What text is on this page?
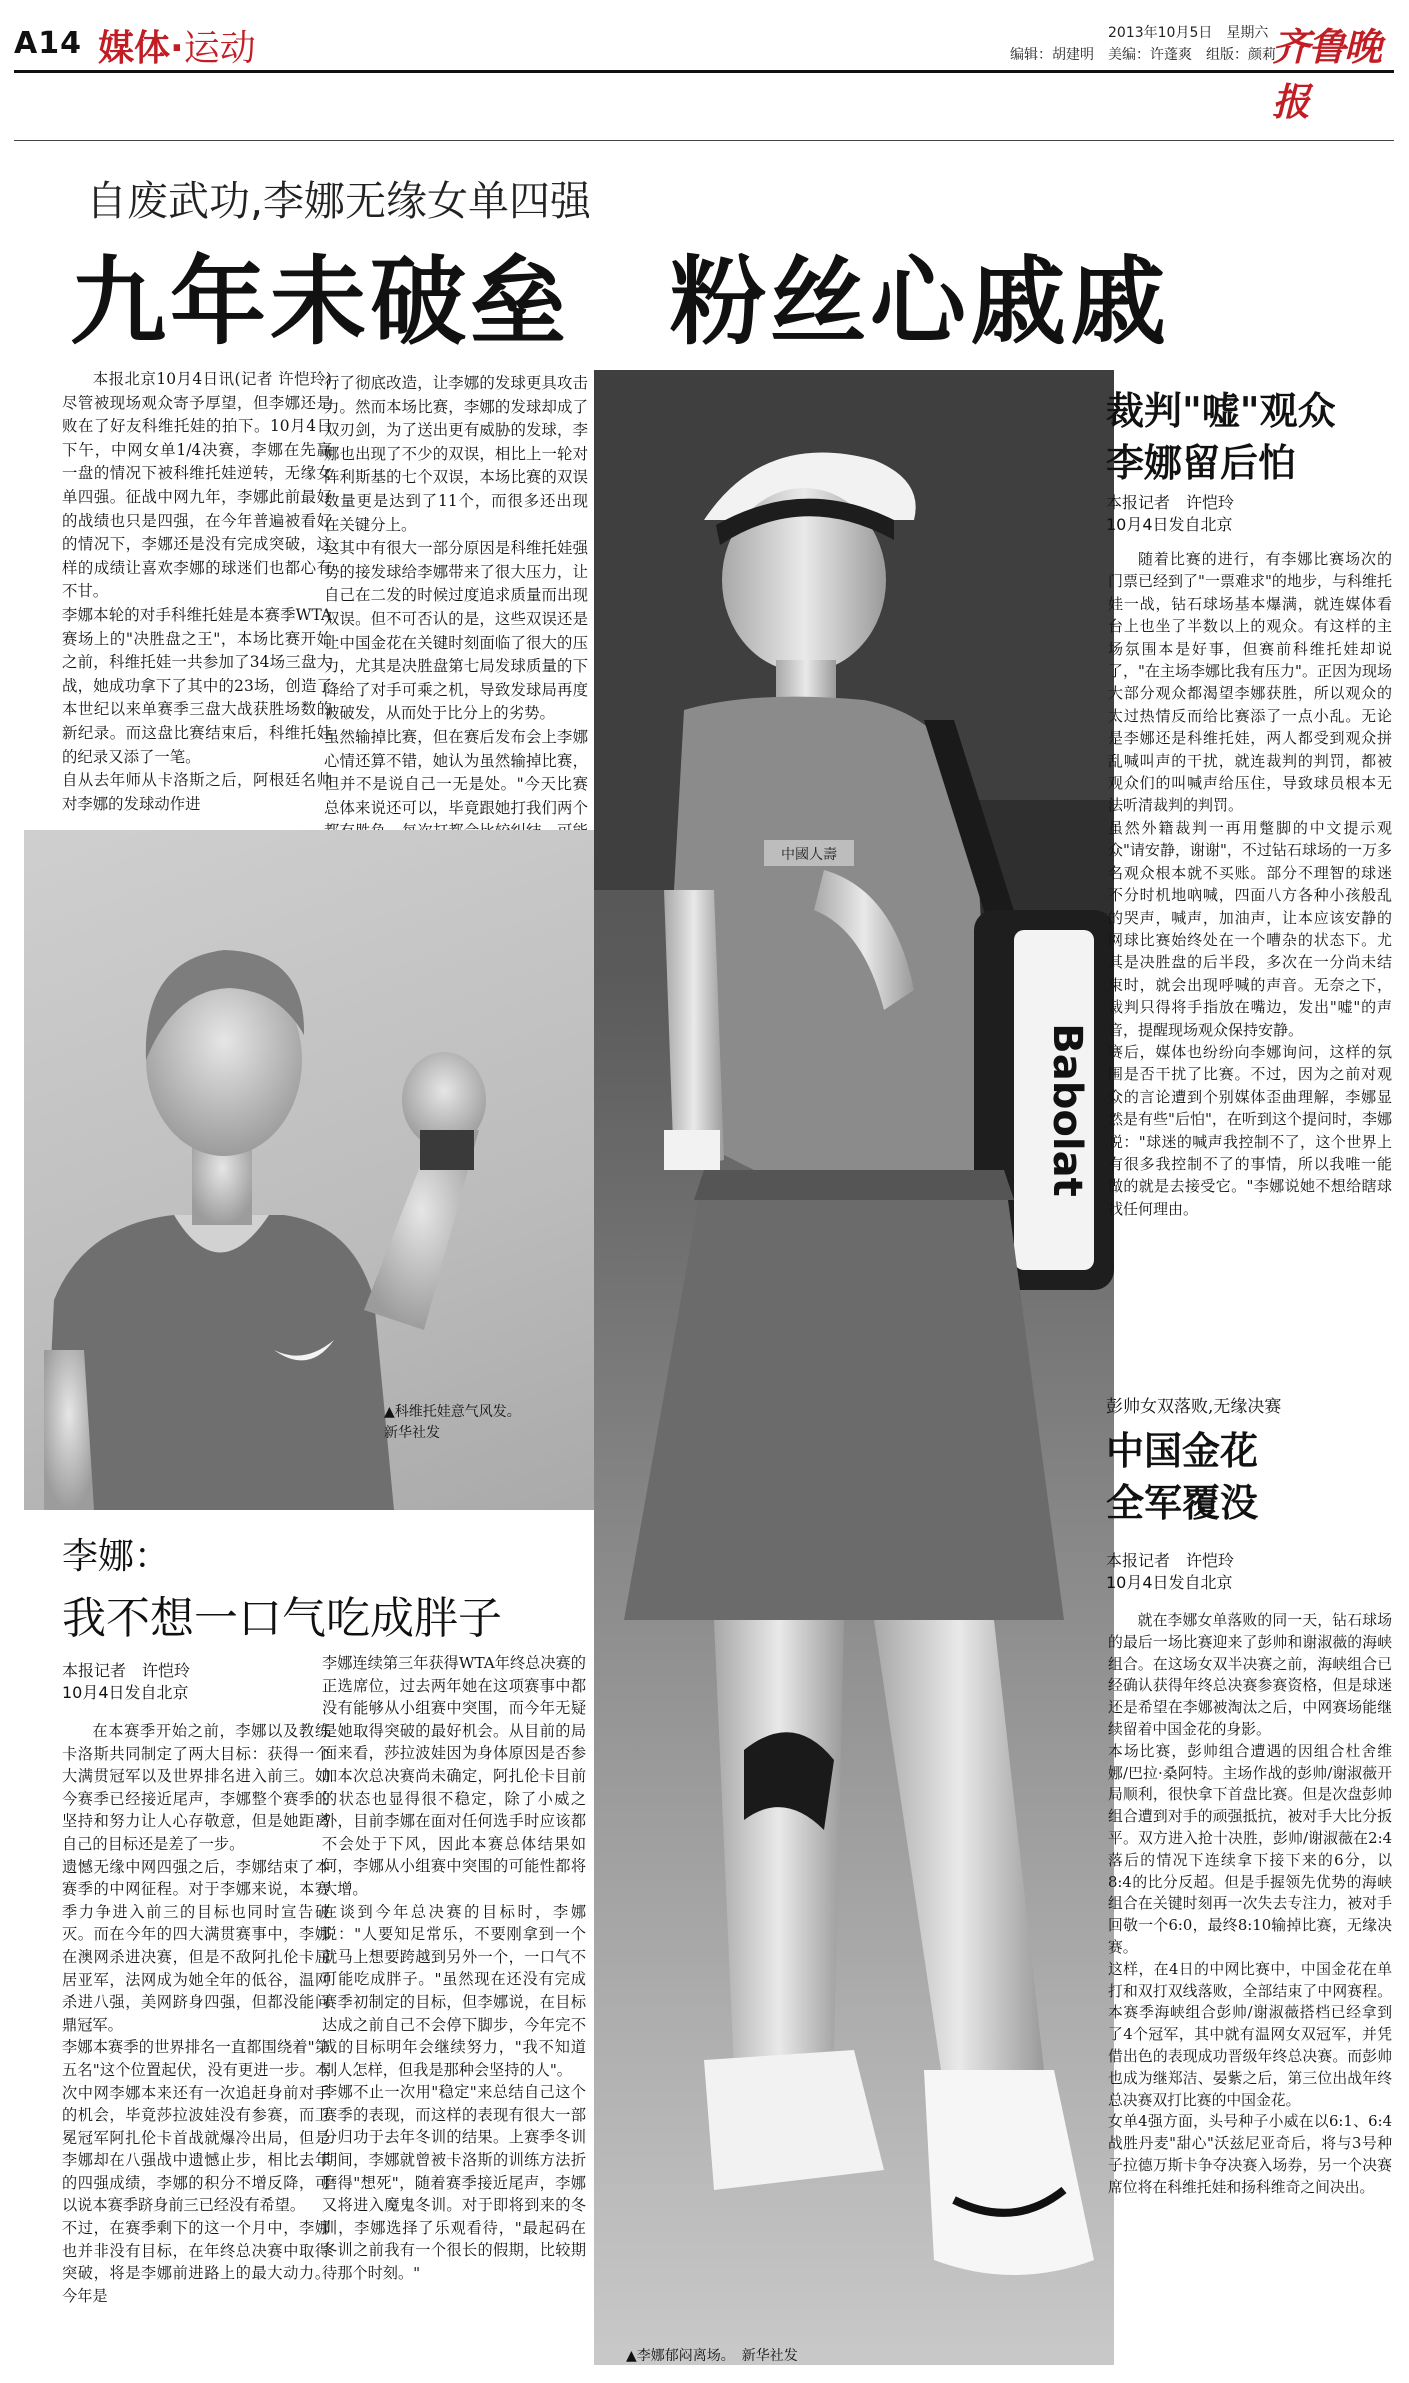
A14 媒体·运动	2013年10月5日　星期六
编辑：胡建明　美编：许蓬爽　组版：颜莉
齐鲁晚报
自废武功,李娜无缘女单四强
九年未破垒　粉丝心戚戚
本报北京10月4日讯(记者 许恺玲) 尽管被现场观众寄予厚望，但李娜还是败在了好友科维托娃的拍下。10月4日下午，中网女单1/4决赛，李娜在先赢一盘的情况下被科维托娃逆转，无缘女单四强。征战中网九年，李娜此前最好的战绩也只是四强，在今年普遍被看好的情况下，李娜还是没有完成突破，这样的成绩让喜欢李娜的球迷们也都心有不甘。
李娜本轮的对手科维托娃是本赛季WTA赛场上的"决胜盘之王"，本场比赛开始之前，科维托娃一共参加了34场三盘大战，她成功拿下了其中的23场，创造了本世纪以来单赛季三盘大战获胜场数的新纪录。而这盘比赛结束后，科维托娃的纪录又添了一笔。
自从去年师从卡洛斯之后，阿根廷名帅对李娜的发球动作进
行了彻底改造，让李娜的发球更具攻击力。然而本场比赛，李娜的发球却成了双刃剑，为了送出更有威胁的发球，李娜也出现了不少的双误，相比上一轮对阵利斯基的七个双误，本场比赛的双误数量更是达到了11个，而很多还出现在关键分上。
这其中有很大一部分原因是科维托娃强势的接发球给李娜带来了很大压力，让自己在二发的时候过度追求质量而出现双误。但不可否认的是，这些双误还是让中国金花在关键时刻面临了很大的压力，尤其是决胜盘第七局发球质量的下降给了对手可乘之机，导致发球局再度被破发，从而处于比分上的劣势。
虽然输掉比赛，但在赛后发布会上李娜心情还算不错，她认为虽然输掉比赛，但并不是说自己一无是处。"今天比赛总体来说还可以，毕竟跟她打我们两个
▲科维托娃意气风发。　新华社发
中國人壽
Babolat
▲李娜郁闷离场。　新华社发
裁判"嘘"观众
李娜留后怕
本报记者　许恺玲
10月4日发自北京
随着比赛的进行，有李娜比赛场次的门票已经到了"一票难求"的地步，与科维托娃一战，钻石球场基本爆满，就连媒体看台上也坐了半数以上的观众。有这样的主场氛围本是好事，但赛前科维托娃却说了，"在主场李娜比我有压力"。正因为现场大部分观众都渴望李娜获胜，所以观众的太过热情反而给比赛添了一点小乱。无论是李娜还是科维托娃，两人都受到观众拼乱喊叫声的干扰，就连裁判的判罚，都被观众们的叫喊声给压住，导致球员根本无法听清裁判的判罚。
虽然外籍裁判一再用蹩脚的中文提示观众"请安静，谢谢"，不过钻石球场的一万多名观众根本就不买账。部分不理智的球迷不分时机地吶喊，四面八方各种小孩般乱的哭声，喊声，加油声，让本应该安静的网球比赛始终处在一个嘈杂的状态下。尤其是决胜盘的后半段，多次在一分尚未结束时，就会出现呼喊的声音。无奈之下，裁判只得将手指放在嘴边，发出"嘘"的声音，提醒现场观众保持安静。
赛后，媒体也纷纷向李娜询问，这样的氛围是否干扰了比赛。不过，因为之前对观众的言论遭到个别媒体歪曲理解，李娜显然是有些"后怕"，在听到这个提问时，李娜说："球迷的喊声我控制不了，这个世界上有很多我控制不了的事情，所以我唯一能做的就是去接受它。"李娜说她不想给瞎球找任何理由。
彭帅女双落败,无缘决赛
中国金花
全军覆没
本报记者　许恺玲
10月4日发自北京
就在李娜女单落败的同一天，钻石球场的最后一场比赛迎来了彭帅和谢淑薇的海峡组合。在这场女双半决赛之前，海峡组合已经确认获得年终总决赛参赛资格，但是球迷还是希望在李娜被淘汰之后，中网赛场能继续留着中国金花的身影。
本场比赛，彭帅组合遭遇的因组合杜舍维娜/巴拉·桑阿特。主场作战的彭帅/谢淑薇开局顺利，很快拿下首盘比赛。但是次盘彭帅组合遭到对手的顽强抵抗，被对手大比分扳平。双方进入抢十决胜，彭帅/谢淑薇在2:4落后的情况下连续拿下接下来的6分，以8:4的比分反超。但是手握领先优势的海峡组合在关键时刻再一次失去专注力，被对手回敬一个6:0，最终8:10输掉比赛，无缘决赛。
这样，在4日的中网比赛中，中国金花在单打和双打双线落败，全部结束了中网赛程。本赛季海峡组合彭帅/谢淑薇搭档已经拿到了4个冠军，其中就有温网女双冠军，并凭借出色的表现成功晋级年终总决赛。而彭帅也成为继郑洁、晏紫之后，第三位出战年终总决赛双打比赛的中国金花。
女单4强方面，头号种子小威在以6:1、6:4战胜丹麦"甜心"沃兹尼亚奇后，将与3号种子拉德万斯卡争夺决赛入场券，另一个决赛席位将在科维托娃和扬科维奇之间决出。
李娜：
我不想一口气吃成胖子
本报记者　许恺玲
10月4日发自北京
在本赛季开始之前，李娜以及教练卡洛斯共同制定了两大目标：获得一个大满贯冠军以及世界排名进入前三。如今赛季已经接近尾声，李娜整个赛季的坚持和努力让人心存敬意，但是她距离自己的目标还是差了一步。
遗憾无缘中网四强之后，李娜结束了本赛季的中网征程。对于李娜来说，本赛季力争进入前三的目标也同时宣告破灭。而在今年的四大满贯赛事中，李娜在澳网杀进决赛，但是不敌阿扎伦卡屈居亚军，法网成为她全年的低谷，温网杀进八强，美网跻身四强，但都没能问鼎冠军。
李娜本赛季的世界排名一直都围绕着"第五名"这个位置起伏，没有更进一步。本次中网李娜本来还有一次追赶身前对手的机会，毕竟莎拉波娃没有参赛，而卫冕冠军阿扎伦卡首战就爆冷出局，但是李娜却在八强战中遗憾止步，相比去年的四强成绩，李娜的积分不增反降，可以说本赛季跻身前三已经没有希望。
不过，在赛季剩下的这一个月中，李娜也并非没有目标，在年终总决赛中取得突破，将是李娜前进路上的最大动力。今年是
李娜连续第三年获得WTA年终总决赛的正选席位，过去两年她在这项赛事中都没有能够从小组赛中突围，而今年无疑是她取得突破的最好机会。从目前的局面来看，莎拉波娃因为身体原因是否参加本次总决赛尚未确定，阿扎伦卡目前的状态也显得很不稳定，除了小威之外，目前李娜在面对任何选手时应该都不会处于下风，因此本赛总体结果如何，李娜从小组赛中突围的可能性都将大增。
在谈到今年总决赛的目标时，李娜说："人要知足常乐，不要刚拿到一个就马上想要跨越到另外一个，一口气不可能吃成胖子。"虽然现在还没有完成赛季初制定的目标，但李娜说，在目标达成之前自己不会停下脚步，今年完不成的目标明年会继续努力，"我不知道别人怎样，但我是那种会坚持的人"。
李娜不止一次用"稳定"来总结自己这个赛季的表现，而这样的表现有很大一部分归功于去年冬训的结果。上赛季冬训期间，李娜就曾被卡洛斯的训练方法折磨得"想死"，随着赛季接近尾声，李娜又将进入魔鬼冬训。对于即将到来的冬训，李娜选择了乐观看待，"最起码在冬训之前我有一个很长的假期，比较期待那个时刻。"
